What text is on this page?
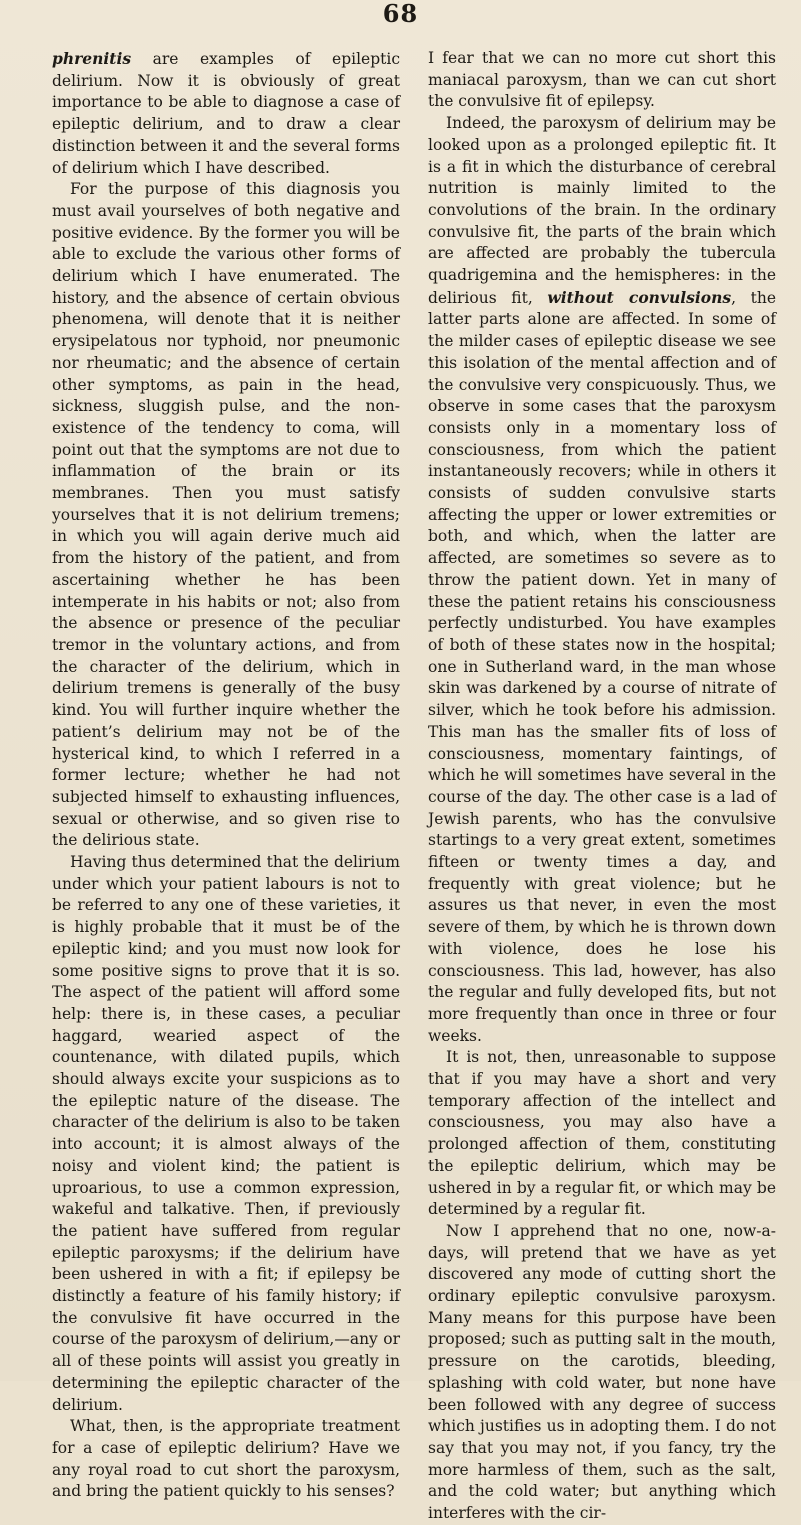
68

phrenitis are examples of epileptic delirium. Now it is obviously of great importance to be able to diagnose a case of epileptic delirium, and to draw a clear distinction between it and the several forms of delirium which I have described.

For the purpose of this diagnosis you must avail yourselves of both negative and positive evidence. By the former you will be able to exclude the various other forms of delirium which I have enumerated. The history, and the absence of certain obvious phenomena, will denote that it is neither erysipelatous nor typhoid, nor pneumonic nor rheumatic; and the absence of certain other symptoms, as pain in the head, sickness, sluggish pulse, and the non-existence of the tendency to coma, will point out that the symptoms are not due to inflammation of the brain or its membranes. Then you must satisfy yourselves that it is not delirium tremens; in which you will again derive much aid from the history of the patient, and from ascertaining whether he has been intemperate in his habits or not; also from the absence or presence of the peculiar tremor in the voluntary actions, and from the character of the delirium, which in delirium tremens is generally of the busy kind. You will further inquire whether the patient’s delirium may not be of the hysterical kind, to which I referred in a former lecture; whether he had not subjected himself to exhausting influences, sexual or otherwise, and so given rise to the delirious state.

Having thus determined that the delirium under which your patient labours is not to be referred to any one of these varieties, it is highly probable that it must be of the epileptic kind; and you must now look for some positive signs to prove that it is so. The aspect of the patient will afford some help: there is, in these cases, a peculiar haggard, wearied aspect of the countenance, with dilated pupils, which should always excite your suspicions as to the epileptic nature of the disease. The character of the delirium is also to be taken into account; it is almost always of the noisy and violent kind; the patient is uproarious, to use a common expression, wakeful and talkative. Then, if previously the patient have suffered from regular epileptic paroxysms; if the delirium have been ushered in with a fit; if epilepsy be distinctly a feature of his family history; if the convulsive fit have occurred in the course of the paroxysm of delirium,—any or all of these points will assist you greatly in determining the epileptic character of the delirium.

What, then, is the appropriate treatment for a case of epileptic delirium? Have we any royal road to cut short the paroxysm, and bring the patient quickly to his senses?

I fear that we can no more cut short this maniacal paroxysm, than we can cut short the convulsive fit of epilepsy.

Indeed, the paroxysm of delirium may be looked upon as a prolonged epileptic fit. It is a fit in which the disturbance of cerebral nutrition is mainly limited to the convolutions of the brain. In the ordinary convulsive fit, the parts of the brain which are affected are probably the tubercula quadrigemina and the hemispheres: in the delirious fit, without convulsions, the latter parts alone are affected. In some of the milder cases of epileptic disease we see this isolation of the mental affection and of the convulsive very conspicuously. Thus, we observe in some cases that the paroxysm consists only in a momentary loss of consciousness, from which the patient instantaneously recovers; while in others it consists of sudden convulsive starts affecting the upper or lower extremities or both, and which, when the latter are affected, are sometimes so severe as to throw the patient down. Yet in many of these the patient retains his consciousness perfectly undisturbed. You have examples of both of these states now in the hospital; one in Sutherland ward, in the man whose skin was darkened by a course of nitrate of silver, which he took before his admission. This man has the smaller fits of loss of consciousness, momentary faintings, of which he will sometimes have several in the course of the day. The other case is a lad of Jewish parents, who has the convulsive startings to a very great extent, sometimes fifteen or twenty times a day, and frequently with great violence; but he assures us that never, in even the most severe of them, by which he is thrown down with violence, does he lose his consciousness. This lad, however, has also the regular and fully developed fits, but not more frequently than once in three or four weeks.

It is not, then, unreasonable to suppose that if you may have a short and very temporary affection of the intellect and consciousness, you may also have a prolonged affection of them, constituting the epileptic delirium, which may be ushered in by a regular fit, or which may be determined by a regular fit.

Now I apprehend that no one, now-a-days, will pretend that we have as yet discovered any mode of cutting short the ordinary epileptic convulsive paroxysm. Many means for this purpose have been proposed; such as putting salt in the mouth, pressure on the carotids, bleeding, splashing with cold water, but none have been followed with any degree of success which justifies us in adopting them. I do not say that you may not, if you fancy, try the more harmless of them, such as the salt, and the cold water; but anything which interferes with the cir-
